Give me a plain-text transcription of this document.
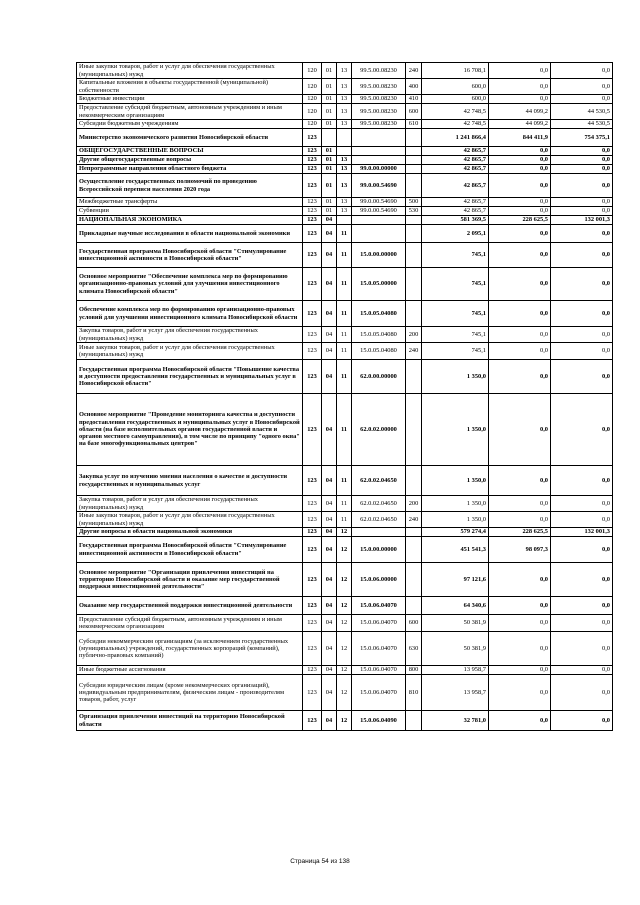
Иные закупки товаров, работ и услуг для обеспечения государственных (муниципальных) нужд	120	01	13	99.5.00.08230	240	16 708,1	0,0	0,0
Капитальные вложения в объекты государственной (муниципальной) собственности	120	01	13	99.5.00.08230	400	600,0	0,0	0,0
Бюджетные инвестиции	120	01	13	99.5.00.08230	410	600,0	0,0	0,0
Предоставление субсидий бюджетным, автономным учреждениям и иным некоммерческим организациям	120	01	13	99.5.00.08230	600	42 748,5	44 099,2	44 530,5
Субсидии бюджетным учреждениям	120	01	13	99.5.00.08230	610	42 748,5	44 099,2	44 530,5
Министерство экономического развития Новосибирской области	123					1 241 866,4	844 411,9	754 375,1
ОБЩЕГОСУДАРСТВЕННЫЕ ВОПРОСЫ	123	01				42 865,7	0,0	0,0
Другие общегосударственные вопросы	123	01	13			42 865,7	0,0	0,0
Непрограммные направления областного бюджета	123	01	13	99.0.00.00000		42 865,7	0,0	0,0
Осуществление государственных полномочий по проведению Всероссийской переписи населения 2020 года	123	01	13	99.0.00.54690		42 865,7	0,0	0,0
Межбюджетные трансферты	123	01	13	99.0.00.54690	500	42 865,7	0,0	0,0
Субвенции	123	01	13	99.0.00.54690	530	42 865,7	0,0	0,0
НАЦИОНАЛЬНАЯ ЭКОНОМИКА	123	04				581 369,5	228 625,5	132 001,3
Прикладные научные исследования в области национальной экономики	123	04	11			2 095,1	0,0	0,0
Государственная программа Новосибирской области "Стимулирование инвестиционной активности в Новосибирской области"	123	04	11	15.0.00.00000		745,1	0,0	0,0
Основное мероприятие "Обеспечение комплекса мер по формированию организационно-правовых условий для улучшения инвестиционного климата Новосибирской области"	123	04	11	15.0.05.00000		745,1	0,0	0,0
Обеспечение комплекса мер по формированию организационно-правовых условий для улучшения инвестиционного климата Новосибирской области	123	04	11	15.0.05.04080		745,1	0,0	0,0
Закупка товаров, работ и услуг для обеспечения государственных (муниципальных) нужд	123	04	11	15.0.05.04080	200	745,1	0,0	0,0
Иные закупки товаров, работ и услуг для обеспечения государственных (муниципальных) нужд	123	04	11	15.0.05.04080	240	745,1	0,0	0,0
Государственная программа Новосибирской области "Повышение качества и доступности предоставления государственных и муниципальных услуг в Новосибирской области"	123	04	11	62.0.00.00000		1 350,0	0,0	0,0
Основное мероприятие "Проведение мониторинга качества и доступности предоставления государственных и муниципальных услуг в Новосибирской области (на базе исполнительных органов государственной власти и органов местного самоуправления), в том числе по принципу "одного окна" на базе многофункциональных центров"	123	04	11	62.0.02.00000		1 350,0	0,0	0,0
Закупка услуг по изучению мнения населения о качестве и доступности государственных и муниципальных услуг	123	04	11	62.0.02.04650		1 350,0	0,0	0,0
Закупка товаров, работ и услуг для обеспечения государственных (муниципальных) нужд	123	04	11	62.0.02.04650	200	1 350,0	0,0	0,0
Иные закупки товаров, работ и услуг для обеспечения государственных (муниципальных) нужд	123	04	11	62.0.02.04650	240	1 350,0	0,0	0,0
Другие вопросы в области национальной экономики	123	04	12			579 274,4	228 625,5	132 001,3
Государственная программа Новосибирской области "Стимулирование инвестиционной активности в Новосибирской области"	123	04	12	15.0.00.00000		451 541,3	98 097,3	0,0
Основное мероприятие "Организация привлечения инвестиций на территорию Новосибирской области и оказание мер государственной поддержки инвестиционной деятельности"	123	04	12	15.0.06.00000		97 121,6	0,0	0,0
Оказание мер государственной поддержки инвестиционной деятельности	123	04	12	15.0.06.04070		64 340,6	0,0	0,0
Предоставление субсидий бюджетным, автономным учреждениям и иным некоммерческим организациям	123	04	12	15.0.06.04070	600	50 381,9	0,0	0,0
Субсидии некоммерческим организациям (за исключением государственных (муниципальных) учреждений, государственных корпораций (компаний), публично-правовых компаний)	123	04	12	15.0.06.04070	630	50 381,9	0,0	0,0
Иные бюджетные ассигнования	123	04	12	15.0.06.04070	800	13 958,7	0,0	0,0
Субсидии юридическим лицам (кроме некоммерческих организаций), индивидуальным предпринимателям, физическим лицам - производителям товаров, работ, услуг	123	04	12	15.0.06.04070	810	13 958,7	0,0	0,0
Организация привлечения инвестиций на территорию Новосибирской области	123	04	12	15.0.06.04090		32 781,0	0,0	0,0
Страница 54 из 138
